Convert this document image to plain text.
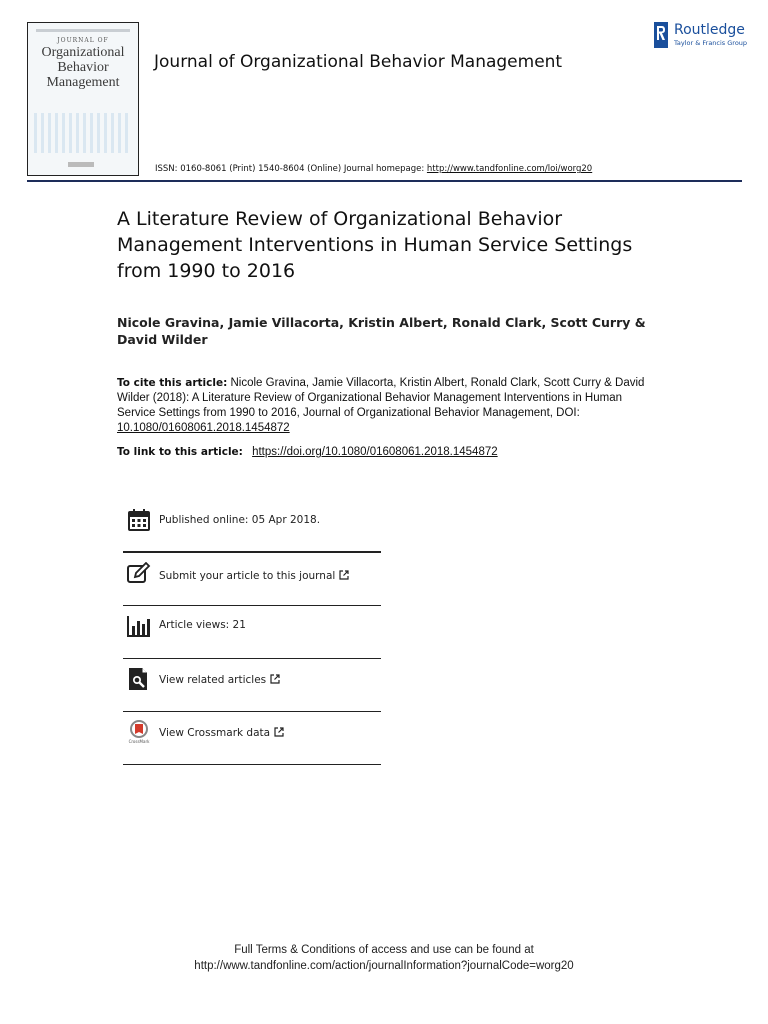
JOURNAL OF
Organizational Behavior Management
Journal of Organizational Behavior Management
Routledge
Taylor & Francis Group
ISSN: 0160-8061 (Print) 1540-8604 (Online) Journal homepage: http://www.tandfonline.com/loi/worg20
A Literature Review of Organizational Behavior Management Interventions in Human Service Settings from 1990 to 2016
Nicole Gravina, Jamie Villacorta, Kristin Albert, Ronald Clark, Scott Curry & David Wilder
To cite this article: Nicole Gravina, Jamie Villacorta, Kristin Albert, Ronald Clark, Scott Curry & David Wilder (2018): A Literature Review of Organizational Behavior Management Interventions in Human Service Settings from 1990 to 2016, Journal of Organizational Behavior Management, DOI: 10.1080/01608061.2018.1454872
To link to this article: https://doi.org/10.1080/01608061.2018.1454872
Published online: 05 Apr 2018.
Submit your article to this journal
Article views: 21
View related articles
CrossMark
View Crossmark data
Full Terms & Conditions of access and use can be found at
http://www.tandfonline.com/action/journalInformation?journalCode=worg20
